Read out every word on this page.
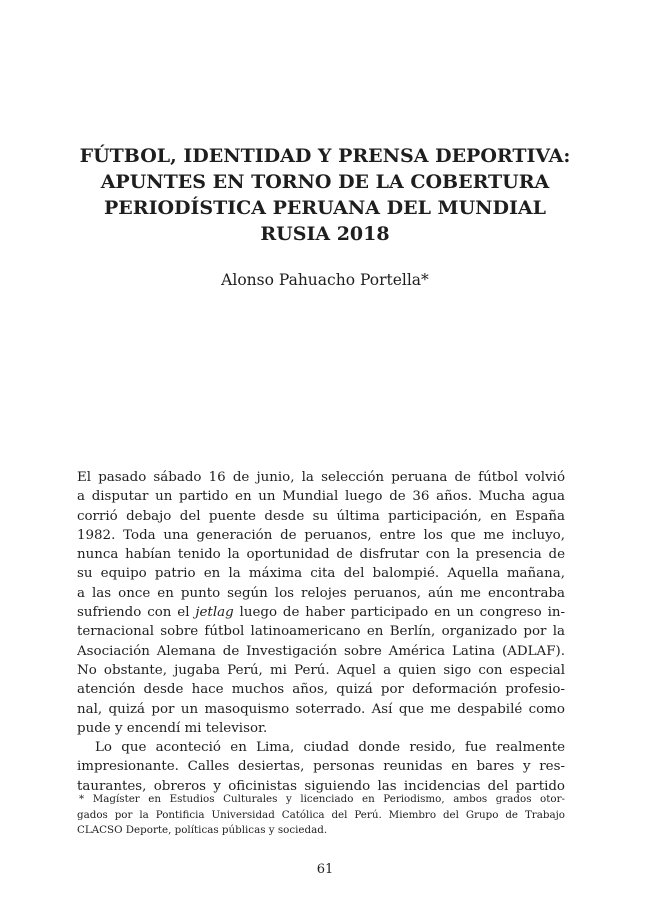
FÚTBOL, IDENTIDAD Y PRENSA DEPORTIVA:
APUNTES EN TORNO DE LA COBERTURA
PERIODÍSTICA PERUANA DEL MUNDIAL
RUSIA 2018

Alonso Pahuacho Portella*

El pasado sábado 16 de junio, la selección peruana de fútbol volvió
a disputar un partido en un Mundial luego de 36 años. Mucha agua
corrió debajo del puente desde su última participación, en España
1982. Toda una generación de peruanos, entre los que me incluyo,
nunca habían tenido la oportunidad de disfrutar con la presencia de
su equipo patrio en la máxima cita del balompié. Aquella mañana,
a las once en punto según los relojes peruanos, aún me encontraba
sufriendo con el jetlag luego de haber participado en un congreso in-
ternacional sobre fútbol latinoamericano en Berlín, organizado por la
Asociación Alemana de Investigación sobre América Latina (ADLAF).
No obstante, jugaba Perú, mi Perú. Aquel a quien sigo con especial
atención desde hace muchos años, quizá por deformación profesio-
nal, quizá por un masoquismo soterrado. Así que me despabilé como
pude y encendí mi televisor.
Lo que aconteció en Lima, ciudad donde resido, fue realmente
impresionante. Calles desiertas, personas reunidas en bares y res-
taurantes, obreros y oficinistas siguiendo las incidencias del partido
* Magíster en Estudios Culturales y licenciado en Periodismo, ambos grados otor-
gados por la Pontificia Universidad Católica del Perú. Miembro del Grupo de Trabajo
CLACSO Deporte, políticas públicas y sociedad.

61
